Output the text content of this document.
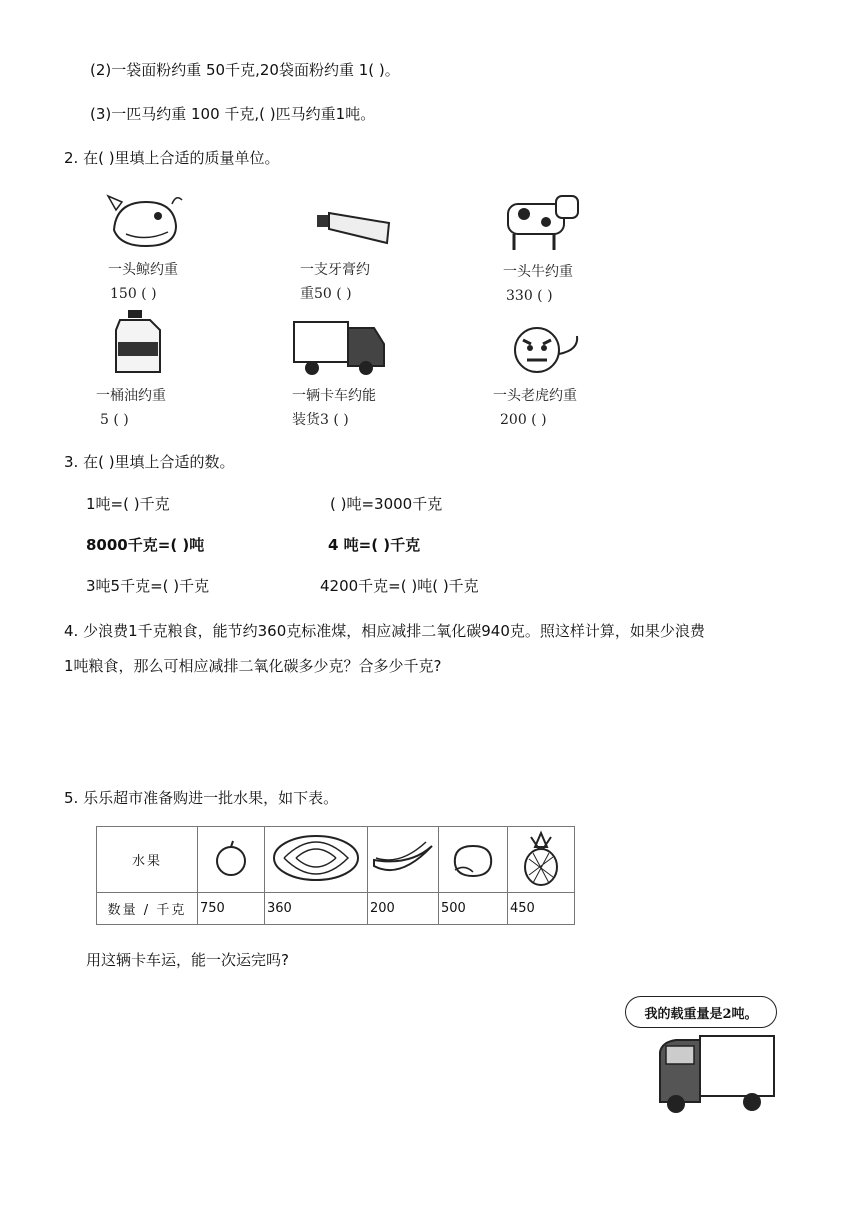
(2)一袋面粉约重 50千克,20袋面粉约重 1( )。
(3)一匹马约重 100 千克,( )匹马约重1吨。
2. 在( )里填上合适的质量单位。
一头鲸约重
150 ( )
一支牙膏约
重50 ( )
一头牛约重
330 ( )
一桶油约重
5 ( )
一辆卡车约能
装货3 ( )
一头老虎约重
200 ( )
3. 在( )里填上合适的数。
1吨=( )千克	( )吨=3000千克
8000千克=( )吨	4 吨=( )千克
3吨5千克=( )千克	4200千克=( )吨( )千克
4. 少浪费1千克粮食，能节约360克标准煤，相应减排二氧化碳940克。照这样计算，如果少浪费
1吨粮食，那么可相应减排二氧化碳多少克？合多少千克?
5. 乐乐超市准备购进一批水果，如下表。
水果					
数量 / 千克	750	360	200	500	450
用这辆卡车运，能一次运完吗?
我的载重量是2吨。
